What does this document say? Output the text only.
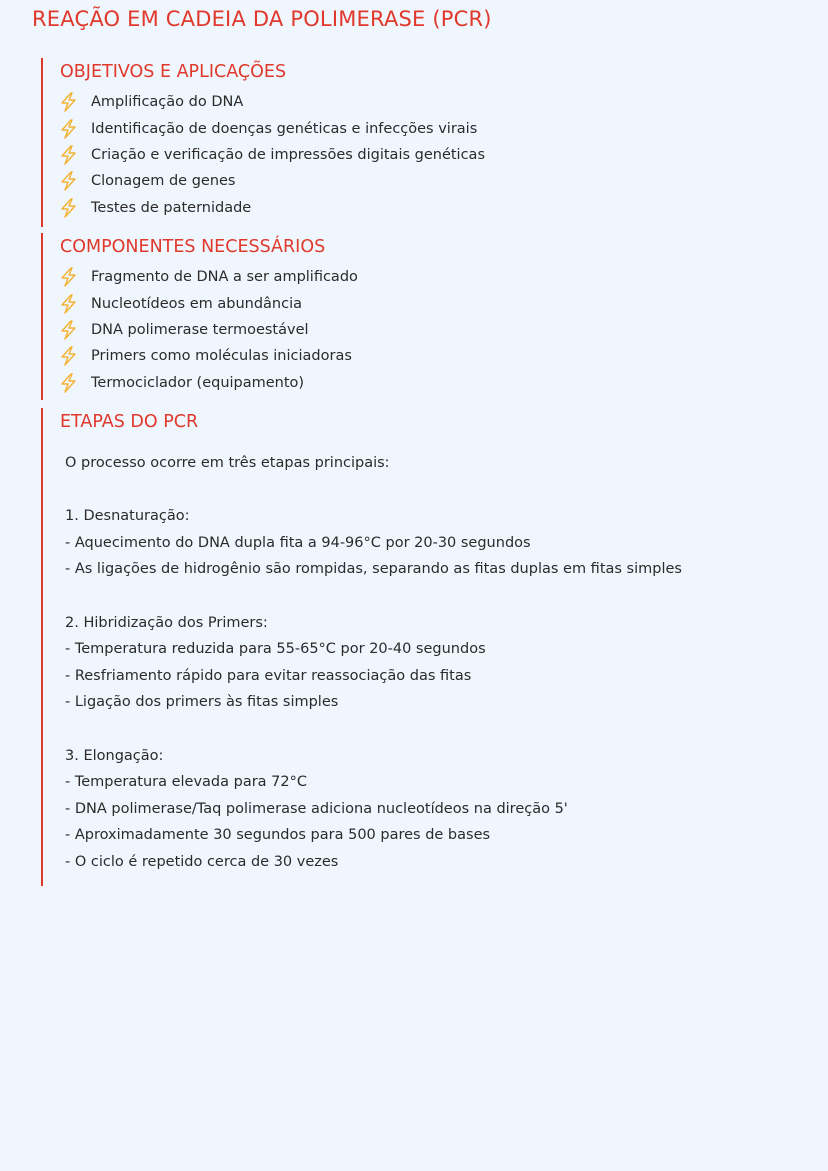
REAÇÃO EM CADEIA DA POLIMERASE (PCR)
OBJETIVOS E APLICAÇÕES
Amplificação do DNA
Identificação de doenças genéticas e infecções virais
Criação e verificação de impressões digitais genéticas
Clonagem de genes
Testes de paternidade
COMPONENTES NECESSÁRIOS
Fragmento de DNA a ser amplificado
Nucleotídeos em abundância
DNA polimerase termoestável
Primers como moléculas iniciadoras
Termociclador (equipamento)
ETAPAS DO PCR
O processo ocorre em três etapas principais:
1. Desnaturação:
- Aquecimento do DNA dupla fita a 94-96°C por 20-30 segundos
- As ligações de hidrogênio são rompidas, separando as fitas duplas em fitas simples
2. Hibridização dos Primers:
- Temperatura reduzida para 55-65°C por 20-40 segundos
- Resfriamento rápido para evitar reassociação das fitas
- Ligação dos primers às fitas simples
3. Elongação:
- Temperatura elevada para 72°C
- DNA polimerase/Taq polimerase adiciona nucleotídeos na direção 5'
- Aproximadamente 30 segundos para 500 pares de bases
- O ciclo é repetido cerca de 30 vezes
